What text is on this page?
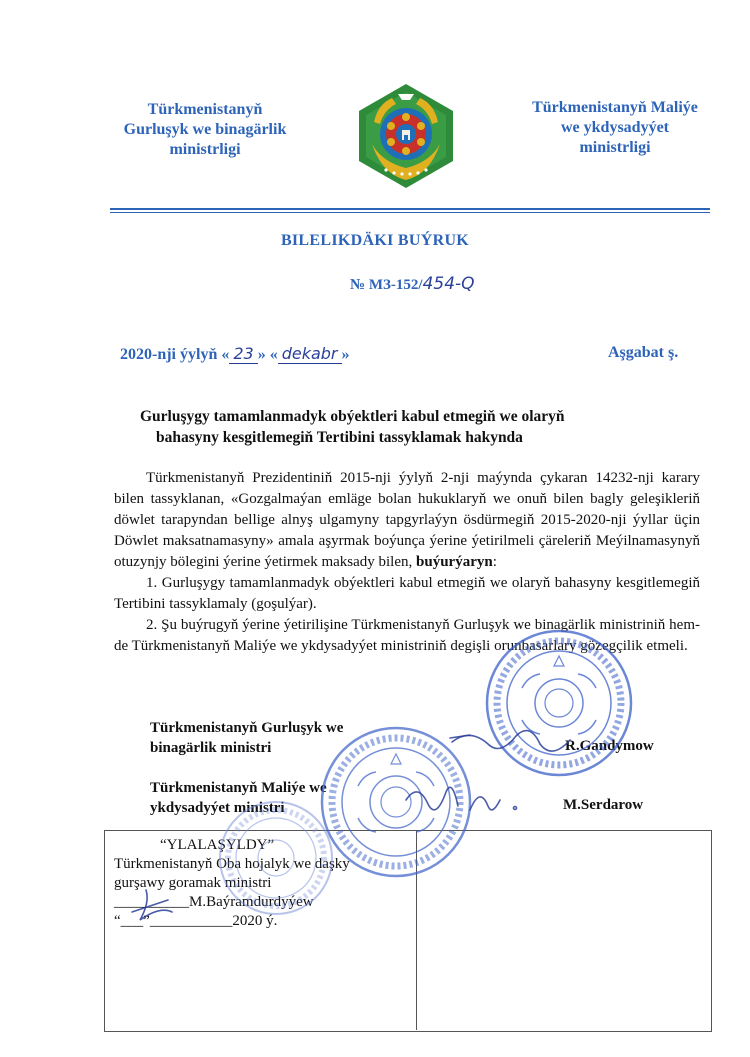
Türkmenistanyň
Gurluşyk we binagärlik
ministrligi
Türkmenistanyň Maliýe
we ykdysadyýet
ministrligi
BILELIKDÄKI BUÝRUK
№ МЗ-152/454-Q
2020-nji ýylyň « 23 » « dekabr »	Aşgabat ş.
Gurluşygy tamamlanmadyk obýektleri kabul etmegiň we olaryň
bahasyny kesgitlemegiň Tertibini tassyklamak hakynda

Türkmenistanyň Prezidentiniň 2015-nji ýylyň 2-nji maýynda çykaran 14232-nji karary bilen tassyklanan, «Gozgalmaýan emläge bolan hukuklaryň we onuň bilen bagly geleşikleriň döwlet tarapyndan bellige alnyş ulgamyny tapgyrlaýyn ösdürmegiň 2015-2020-nji ýyllar üçin Döwlet maksatnamasyny» amala aşyrmak boýunça ýerine ýetirilmeli çäreleriň Meýilnamasynyň otuzynjy bölegini ýerine ýetirmek maksady bilen, buýurýaryn:

1. Gurluşygy tamamlanmadyk obýektleri kabul etmegiň we olaryň bahasyny kesgitlemegiň Tertibini tassyklamaly (goşulýar).

2. Şu buýrugyň ýerine ýetirilişine Türkmenistanyň Gurluşyk we binagärlik ministriniň hem-de Türkmenistanyň Maliýe we ykdysadyýet ministriniň degişli orunbasarlary gözegçilik etmeli.

Türkmenistanyň Gurluşyk we
binagärlik ministri	R.Gandymow
Türkmenistanyň Maliýe we
ykdysadyýet ministri	M.Serdarow
“YLALAŞYLDY”
Türkmenistanyň Oba hojalyk we daşky
gurşawy goramak ministri
__________M.Baýramdurdyýew
“___”___________2020 ý.
